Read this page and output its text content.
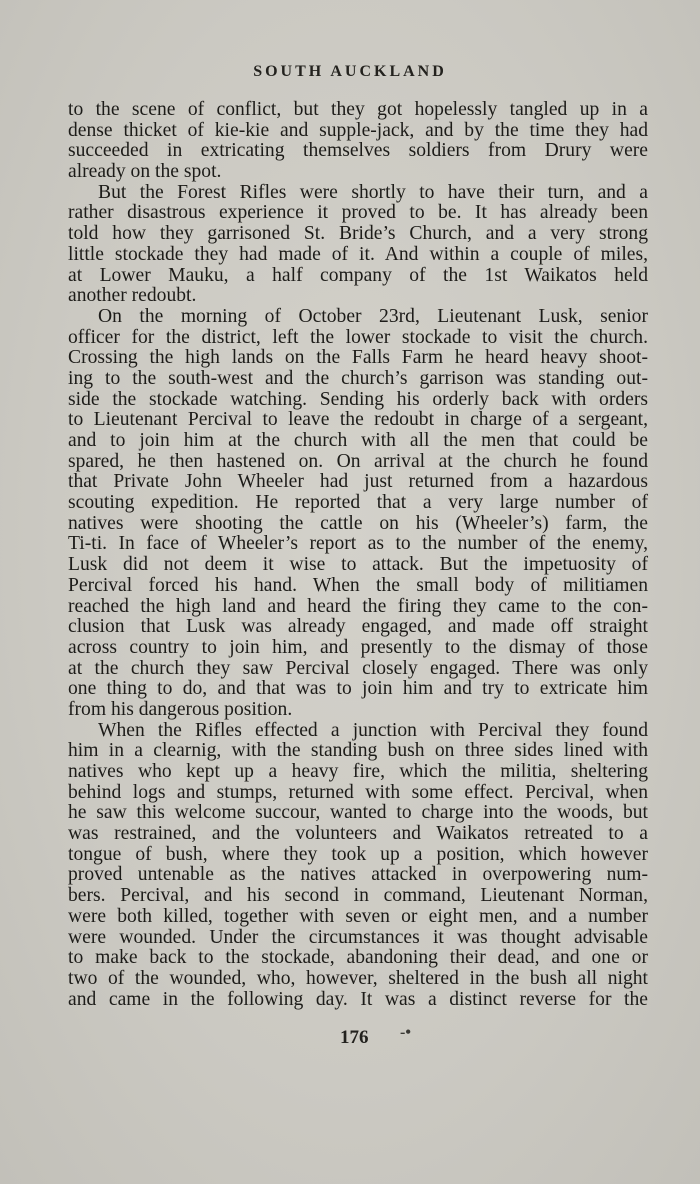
SOUTH AUCKLAND
to the scene of conflict, but they got hopelessly tangled up in a
dense thicket of kie-kie and supple-jack, and by the time they had
succeeded in extricating themselves soldiers from Drury were
already on the spot.
But the Forest Rifles were shortly to have their turn, and a
rather disastrous experience it proved to be. It has already been
told how they garrisoned St. Bride’s Church, and a very strong
little stockade they had made of it. And within a couple of miles,
at Lower Mauku, a half company of the 1st Waikatos held
another redoubt.
On the morning of October 23rd, Lieutenant Lusk, senior
officer for the district, left the lower stockade to visit the church.
Crossing the high lands on the Falls Farm he heard heavy shoot-
ing to the south-west and the church’s garrison was standing out-
side the stockade watching. Sending his orderly back with orders
to Lieutenant Percival to leave the redoubt in charge of a sergeant,
and to join him at the church with all the men that could be
spared, he then hastened on. On arrival at the church he found
that Private John Wheeler had just returned from a hazardous
scouting expedition. He reported that a very large number of
natives were shooting the cattle on his (Wheeler’s) farm, the
Ti-ti. In face of Wheeler’s report as to the number of the enemy,
Lusk did not deem it wise to attack. But the impetuosity of
Percival forced his hand. When the small body of militiamen
reached the high land and heard the firing they came to the con-
clusion that Lusk was already engaged, and made off straight
across country to join him, and presently to the dismay of those
at the church they saw Percival closely engaged. There was only
one thing to do, and that was to join him and try to extricate him
from his dangerous position.
When the Rifles effected a junction with Percival they found
him in a clearnig, with the standing bush on three sides lined with
natives who kept up a heavy fire, which the militia, sheltering
behind logs and stumps, returned with some effect. Percival, when
he saw this welcome succour, wanted to charge into the woods, but
was restrained, and the volunteers and Waikatos retreated to a
tongue of bush, where they took up a position, which however
proved untenable as the natives attacked in overpowering num-
bers. Percival, and his second in command, Lieutenant Norman,
were both killed, together with seven or eight men, and a number
were wounded. Under the circumstances it was thought advisable
to make back to the stockade, abandoning their dead, and one or
two of the wounded, who, however, sheltered in the bush all night
and came in the following day. It was a distinct reverse for the
176 -•
